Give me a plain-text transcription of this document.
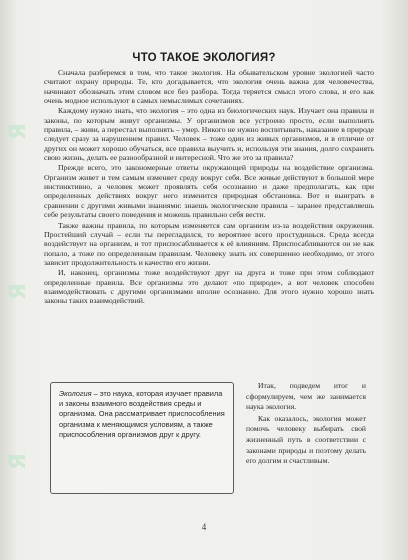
Я
Я
Я
ЧТО ТАКОЕ ЭКОЛОГИЯ?

Сначала разберемся в том, что такое экология. На обывательском уровне экологией часто считают охрану природы. Те, кто догадывается, что экология очень важна для человечества, начинают обозначать этим словом все без разбора. Тогда теряется смысл этого слова, и его как очень модное используют в самых немыслимых сочетаниях.

Каждому нужно знать, что экология – это одна из биологических наук. Изучает она правила и законы, по которым живут организмы. У организмов все устроено просто, если выполнять правила, – живи, а перестал выполнять – умер. Никого не нужно воспитывать, наказание в природе следует сразу за нарушением правил. Человек – тоже один из живых организмов, и в отличие от других он может хорошо обучаться, все правила выучить и, используя эти знания, долго сохранять свою жизнь, делать ее разнообразной и интересной. Что же это за правила?

Прежде всего, это закономерные ответы окружающей природы на воздействие организма. Организм живет и тем самым изменяет среду вокруг себя. Все живые действуют в большой мере инстинктивно, а человек может проявлять себя осознанно и даже предполагать, как при определенных действиях вокруг него изменится природная обстановка. Вот и выиграть в сравнении с другими живыми знаниями: знаешь экологические правила – заранее представляешь себе результаты своего поведения и можешь правильно себя вести.

Также важны правила, по которым изменяется сам организм из-за воздействия окружения. Простейший случай – если ты перегладился, то вероятнее всего простудишься. Среда всегда воздействует на организм, и тот приспосабливается к её влияниям. Приспосабливаются он не как попало, а тоже по определенным правилам. Человеку знать их совершенно необходимо, от этого зависит продолжительность и качество его жизни.

И, наконец, организмы тоже воздействуют друг на друга и тоже при этом соблюдают определенные правила. Все организмы это делают «по природе», а вот человек способен взаимодействовать с другими организмами вполне осознанно. Для этого нужно хорошо знать законы таких взаимодействий.

Экология – это наука, которая изучает правила и законы взаимного воздействия среды и организма. Она рассматривает приспособления организма к меняющимся условиям, а также приспособления организмов друг к другу.

Итак, подведем итог и сформулируем, чем же занимается наука экология.

Как оказалось, экология может помочь человеку выбирать свой жизненный путь в соответствии с законами природы и поэтому делать его долгим и счастливым.

4
